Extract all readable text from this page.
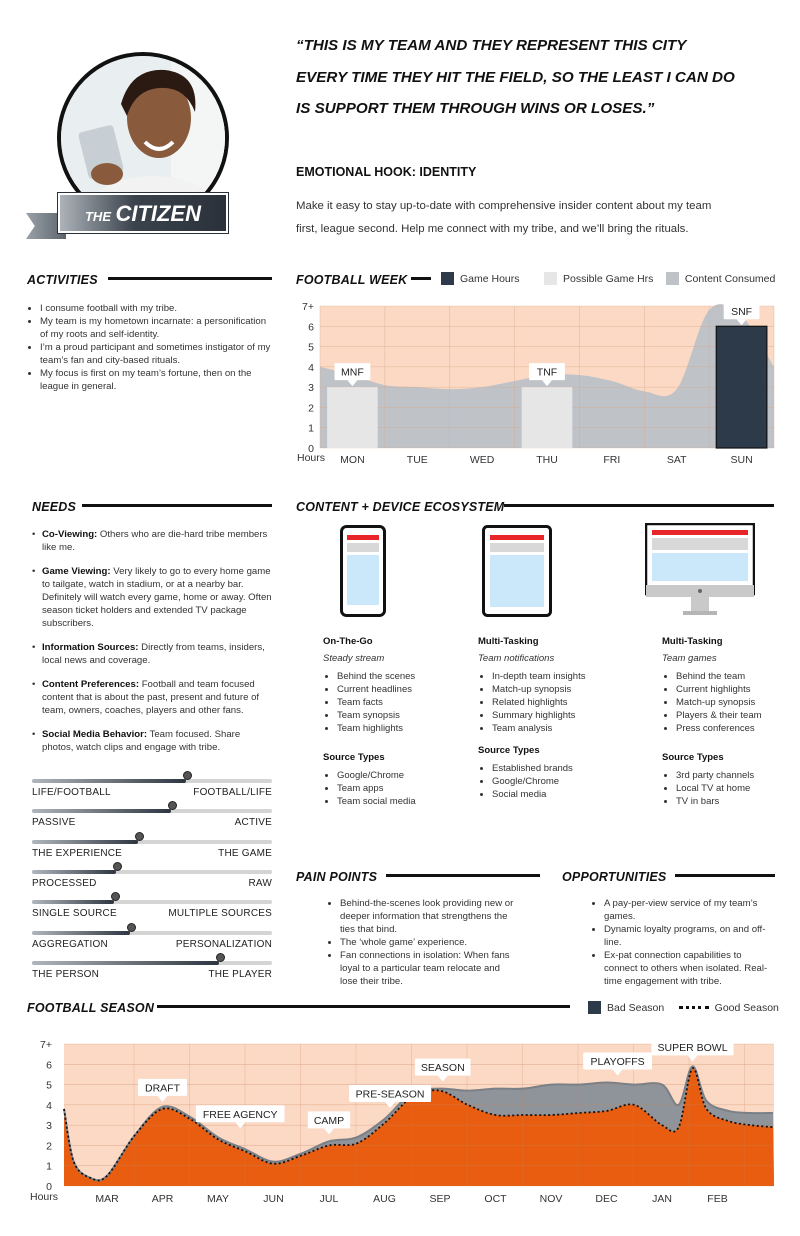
THE CITIZEN
“THIS IS MY TEAM AND THEY REPRESENT THIS CITY
EVERY TIME THEY HIT THE FIELD, SO THE LEAST I CAN DO
IS SUPPORT THEM THROUGH WINS OR LOSES.”
EMOTIONAL HOOK: IDENTITY
Make it easy to stay up-to-date with comprehensive insider content about my team
first, league second. Help me connect with my tribe, and we’ll bring the rituals.
ACTIVITIES
• I consume football with my tribe.
• My team is my hometown incarnate: a personification of my roots and self-identity.
• I’m a proud participant and sometimes instigator of my team’s fan and city-based rituals.
• My focus is first on my team’s fortune, then on the league in general.
FOOTBALL WEEK	Game Hours	Possible Game Hrs	Content Consumed
0
1
2
3
4
5
6
7+
MNF	TNF
SNF
MON	TUE	WED	THU	FRI	SAT	SUN
Hours
NEEDS

• Co-Viewing: Others who are die-hard tribe members like me.

• Game Viewing: Very likely to go to every home game to tailgate, watch in stadium, or at a nearby bar. Definitely will watch every game, home or away. Often season ticket holders and extended TV package subscribers.

• Information Sources: Directly from teams, insiders, local news and coverage.

• Content Preferences: Football and team focused content that is about the past, present and future of team, owners, coaches, players and other fans.

• Social Media Behavior: Team focused. Share photos, watch clips and engage with tribe.

LIFE/FOOTBALL	FOOTBALL/LIFE
PASSIVE	ACTIVE
THE EXPERIENCE	THE GAME
PROCESSED	RAW
SINGLE SOURCE	MULTIPLE SOURCES
AGGREGATION	PERSONALIZATION
THE PERSON	THE PLAYER
CONTENT + DEVICE ECOSYSTEM
On-The-Go
Steady stream
• Behind the scenes
• Current headlines
• Team facts
• Team synopsis
• Team highlights
Source Types
• Google/Chrome
• Team apps
• Team social media
Multi-Tasking
Team notifications
• In-depth team insights
• Match-up synopsis
• Related highlights
• Summary highlights
• Team analysis
Source Types
• Established brands
• Google/Chrome
• Social media
Multi-Tasking
Team games
• Behind the team
• Current highlights
• Match-up synopsis
• Players & their team
• Press conferences
Source Types
• 3rd party channels
• Local TV at home
• TV in bars
PAIN POINTS
• Behind-the-scenes look providing new or deeper information that strengthens the ties that bind.
• The ‘whole game’ experience.
• Fan connections in isolation: When fans loyal to a particular team relocate and lose their tribe.
OPPORTUNITIES
• A pay-per-view service of my team’s games.
• Dynamic loyalty programs, on and off-line.
• Ex-pat connection capabilities to connect to others when isolated. Real-time engagement with tribe.
FOOTBALL SEASON	Bad Season	Good Season
0
1
2
3
4
5
6
7+
MAR	APR	MAY	JUN	JUL	AUG	SEP	OCT	NOV	DEC	JAN	FEB
Hours
DRAFT
FREE AGENCY
CAMP
PRE-SEASON
SEASON
PLAYOFFS
SUPER BOWL
